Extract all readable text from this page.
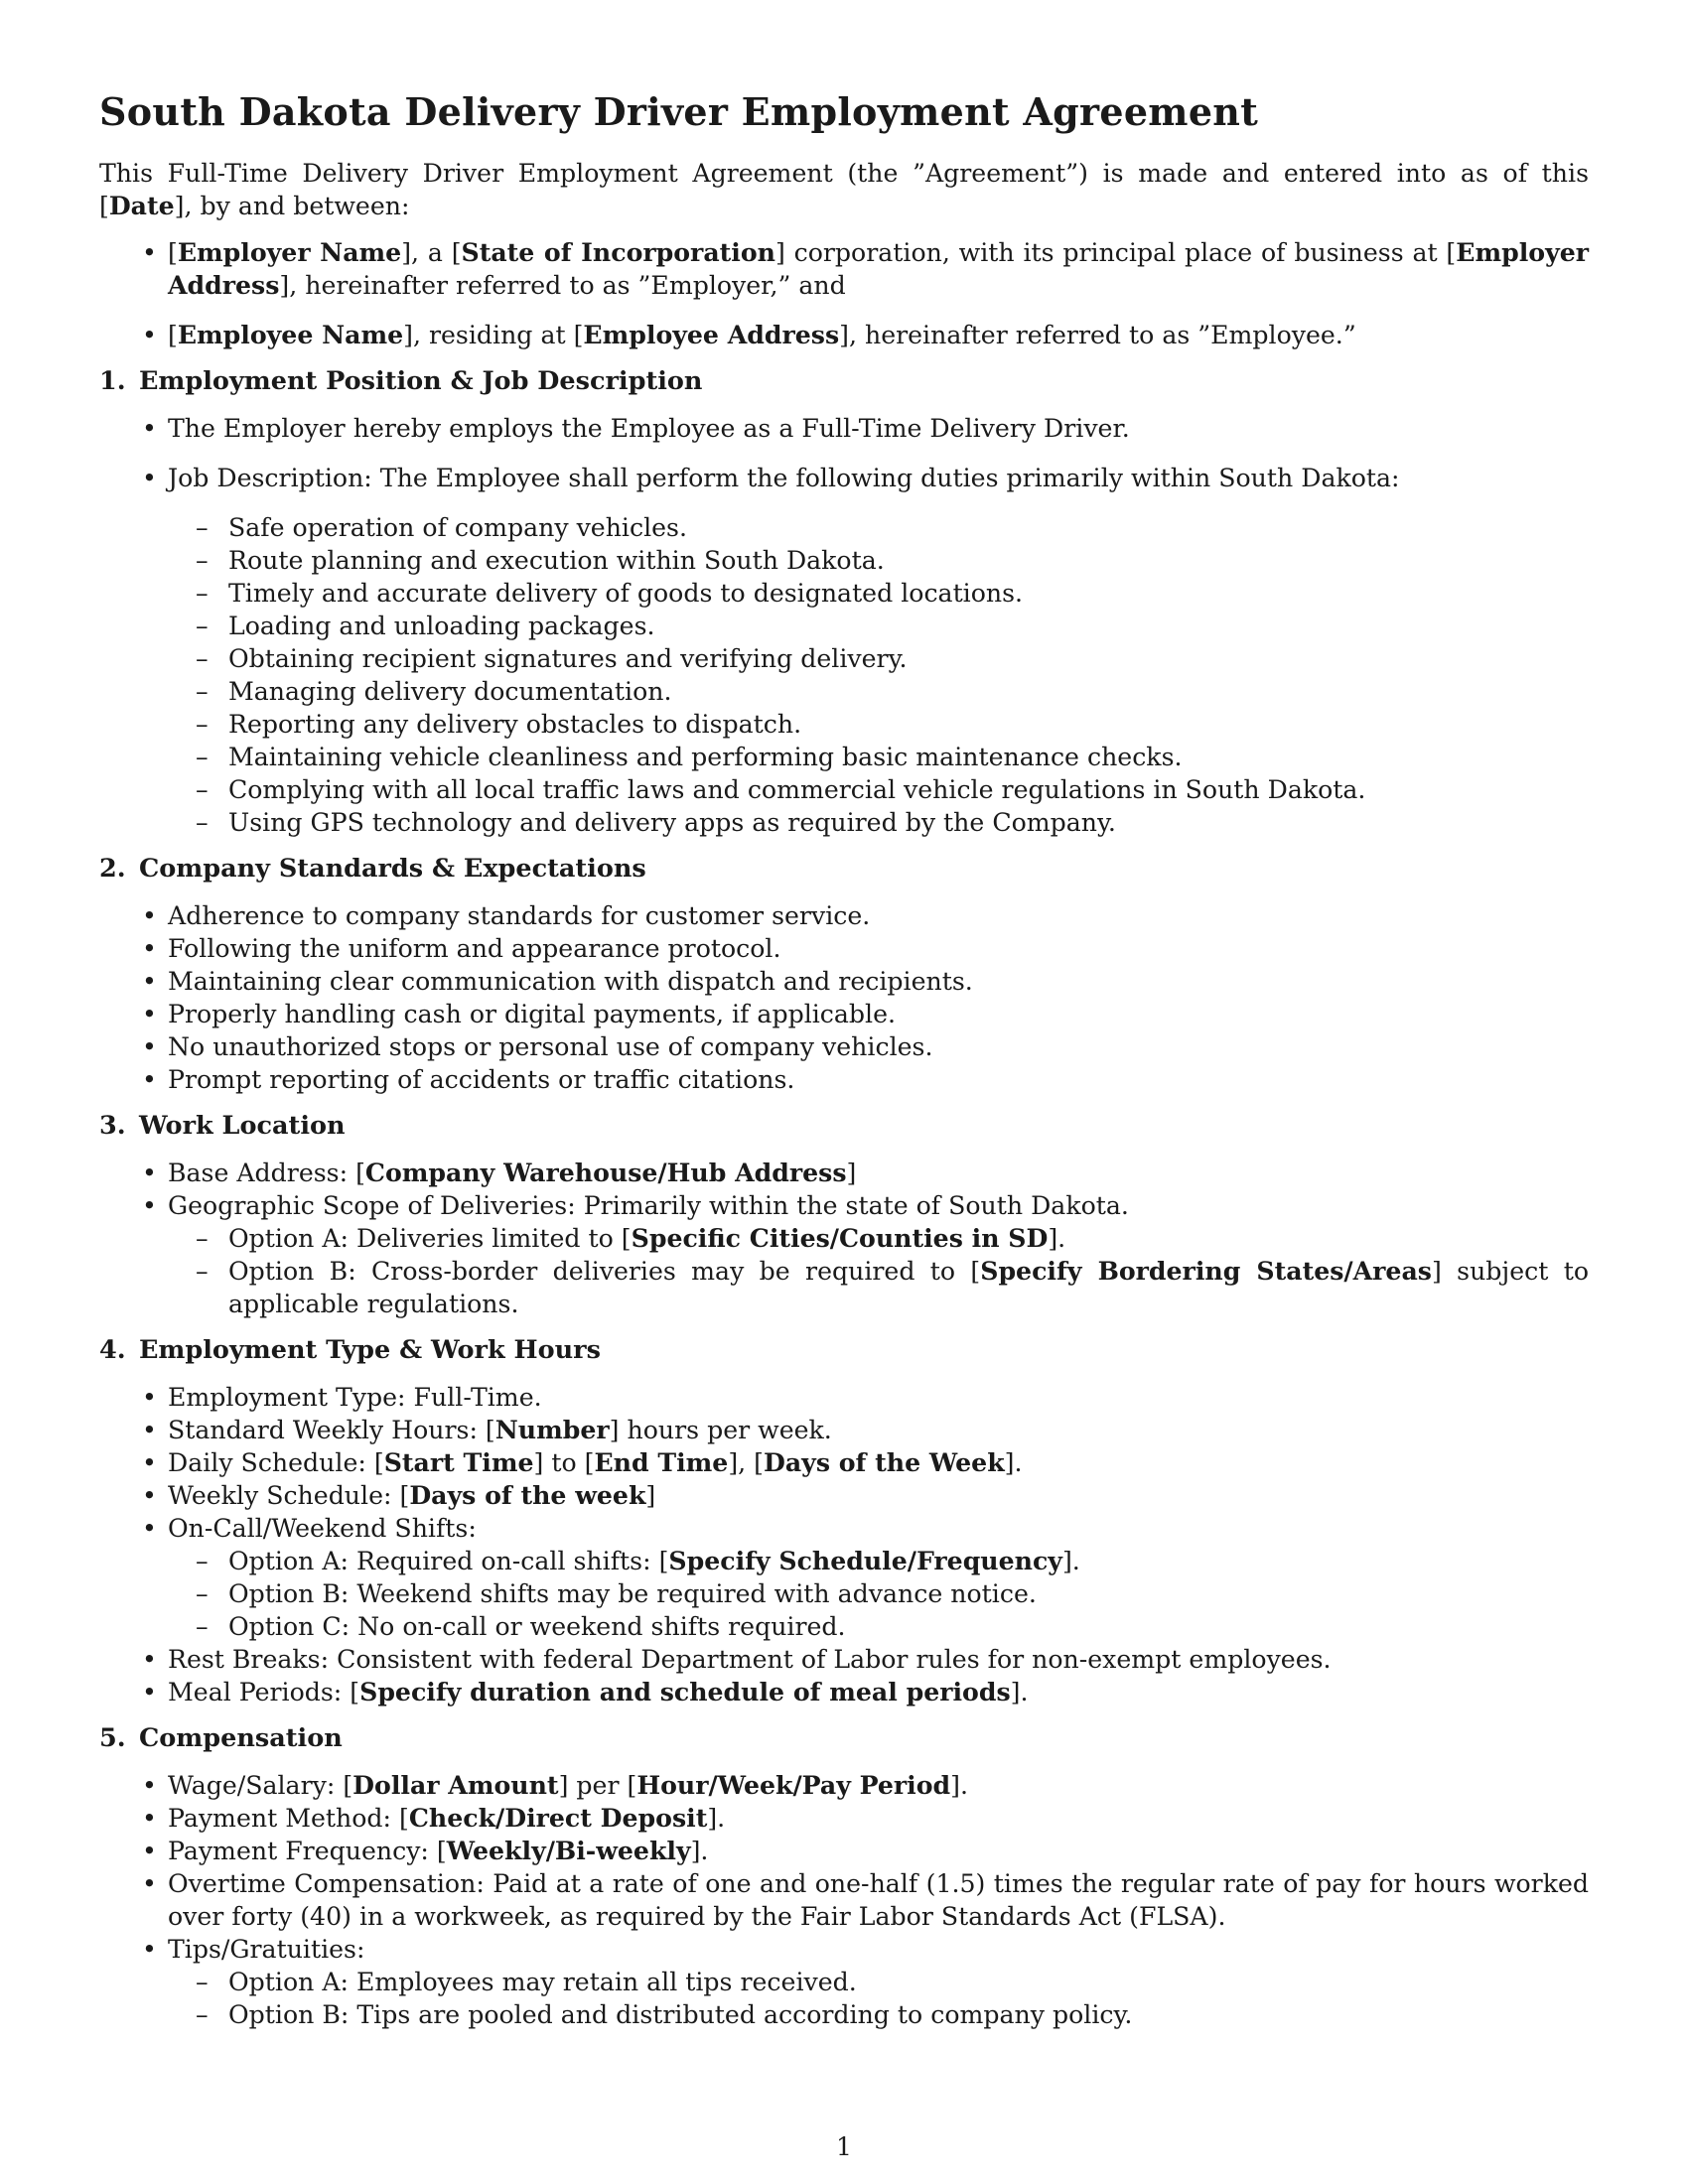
South Dakota Delivery Driver Employment Agreement

This Full-Time Delivery Driver Employment Agreement (the ”Agreement”) is made and entered into as of this [Date], by and between:

• [Employer Name], a [State of Incorporation] corporation, with its principal place of business at [Employer Address], hereinafter referred to as ”Employer,” and
• [Employee Name], residing at [Employee Address], hereinafter referred to as ”Employee.”
1. Employment Position & Job Description
• The Employer hereby employs the Employee as a Full-Time Delivery Driver.
• Job Description: The Employee shall perform the following duties primarily within South Dakota:
– Safe operation of company vehicles.
– Route planning and execution within South Dakota.
– Timely and accurate delivery of goods to designated locations.
– Loading and unloading packages.
– Obtaining recipient signatures and verifying delivery.
– Managing delivery documentation.
– Reporting any delivery obstacles to dispatch.
– Maintaining vehicle cleanliness and performing basic maintenance checks.
– Complying with all local traffic laws and commercial vehicle regulations in South Dakota.
– Using GPS technology and delivery apps as required by the Company.
2. Company Standards & Expectations
• Adherence to company standards for customer service.
• Following the uniform and appearance protocol.
• Maintaining clear communication with dispatch and recipients.
• Properly handling cash or digital payments, if applicable.
• No unauthorized stops or personal use of company vehicles.
• Prompt reporting of accidents or traffic citations.
3. Work Location
• Base Address: [Company Warehouse/Hub Address]
• Geographic Scope of Deliveries: Primarily within the state of South Dakota.
– Option A: Deliveries limited to [Specific Cities/Counties in SD].
– Option B: Cross-border deliveries may be required to [Specify Bordering States/Areas] subject to applicable regulations.
4. Employment Type & Work Hours
• Employment Type: Full-Time.
• Standard Weekly Hours: [Number] hours per week.
• Daily Schedule: [Start Time] to [End Time], [Days of the Week].
• Weekly Schedule: [Days of the week]
• On-Call/Weekend Shifts:
– Option A: Required on-call shifts: [Specify Schedule/Frequency].
– Option B: Weekend shifts may be required with advance notice.
– Option C: No on-call or weekend shifts required.
• Rest Breaks: Consistent with federal Department of Labor rules for non-exempt employees.
• Meal Periods: [Specify duration and schedule of meal periods].
5. Compensation
• Wage/Salary: [Dollar Amount] per [Hour/Week/Pay Period].
• Payment Method: [Check/Direct Deposit].
• Payment Frequency: [Weekly/Bi-weekly].
• Overtime Compensation: Paid at a rate of one and one-half (1.5) times the regular rate of pay for hours worked over forty (40) in a workweek, as required by the Fair Labor Standards Act (FLSA).
• Tips/Gratuities:
– Option A: Employees may retain all tips received.
– Option B: Tips are pooled and distributed according to company policy.
1
